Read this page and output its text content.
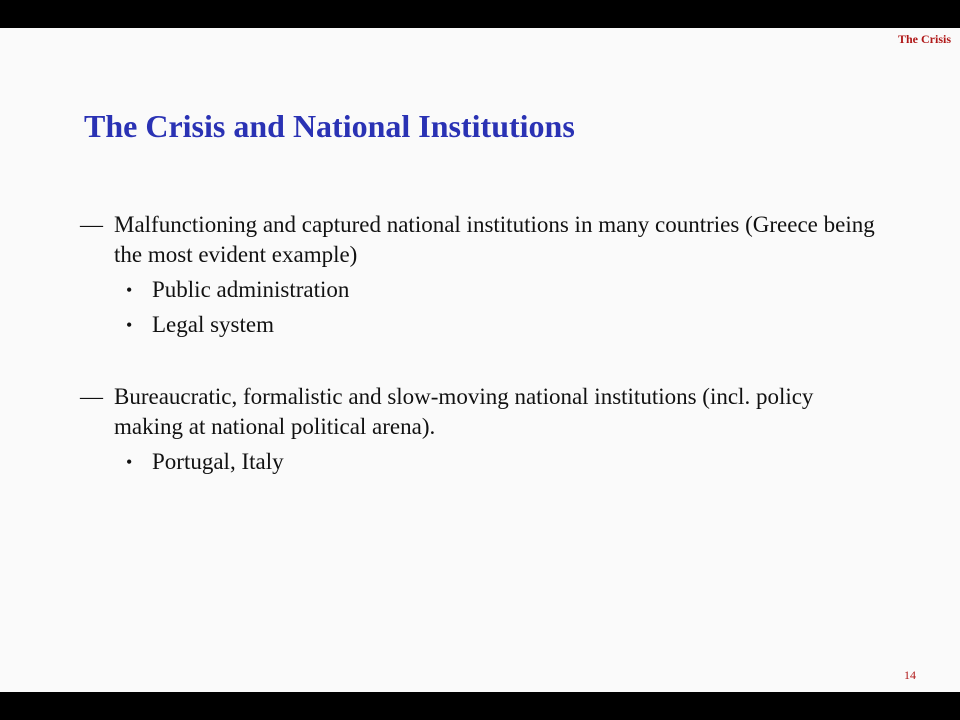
The Crisis
The Crisis and National Institutions
— Malfunctioning and captured national institutions in many countries (Greece being the most evident example)
• Public administration
• Legal system
— Bureaucratic, formalistic and slow-moving national institutions (incl. policy making at national political arena).
• Portugal, Italy
14
